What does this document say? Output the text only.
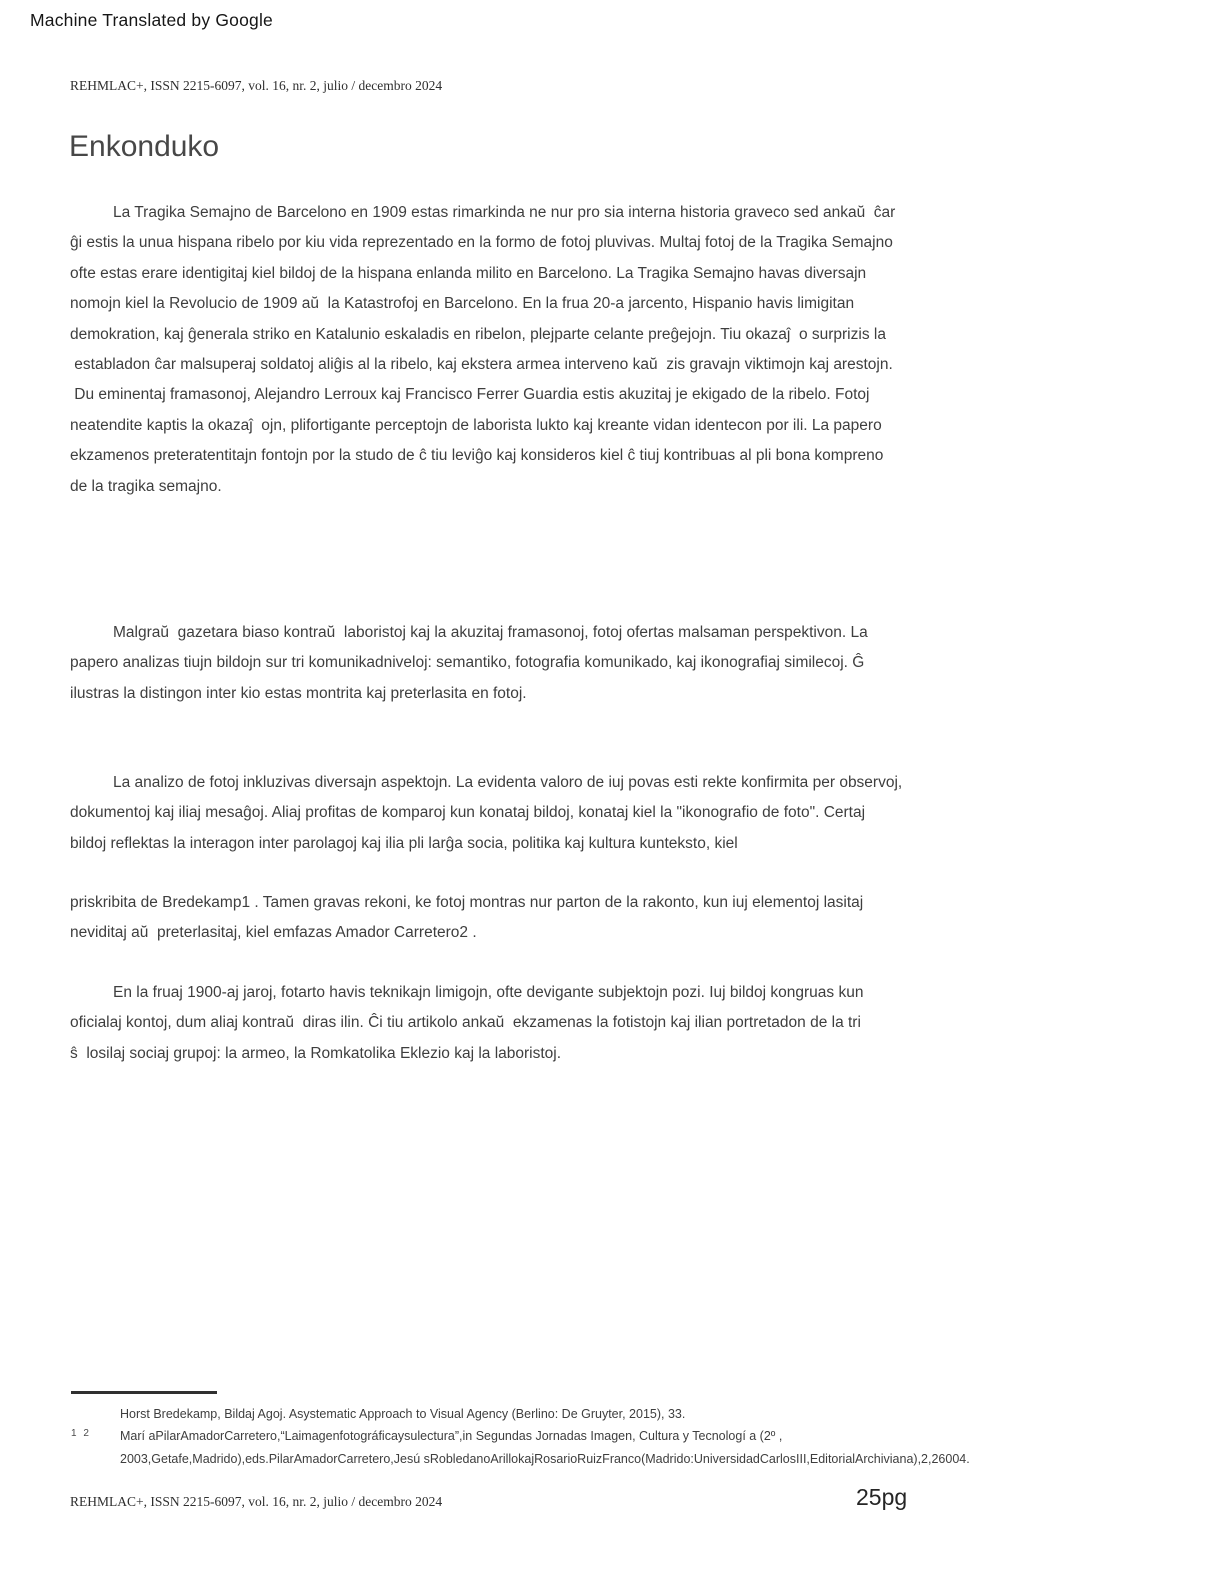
Machine Translated by Google
REHMLAC+, ISSN 2215-6097, vol. 16, nr. 2, julio / decembro 2024
Enkonduko
La Tragika Semajno de Barcelono en 1909 estas rimarkinda ne nur pro sia interna historia graveco sed ankaŭ  ĉar
ĝi estis la unua hispana ribelo por kiu vida reprezentado en la formo de fotoj pluvivas. Multaj fotoj de la Tragika Semajno
ofte estas erare identigitaj kiel bildoj de la hispana enlanda milito en Barcelono. La Tragika Semajno havas diversajn
nomojn kiel la Revolucio de 1909 aŭ  la Katastrofoj en Barcelono. En la frua 20-a jarcento, Hispanio havis limigitan
demokration, kaj ĝenerala striko en Katalunio eskaladis en ribelon, plejparte celante preĝejojn. Tiu okazaĵ  o surprizis la
establadon ĉar malsuperaj soldatoj aliĝis al la ribelo, kaj ekstera armea interveno kaŭ  zis gravajn viktimojn kaj arestojn.
Du eminentaj framasonoj, Alejandro Lerroux kaj Francisco Ferrer Guardia estis akuzitaj je ekigado de la ribelo. Fotoj
neatendite kaptis la okazaĵ  ojn, plifortigante perceptojn de laborista lukto kaj kreante vidan identecon por ili. La papero
ekzamenos preteratentitajn fontojn por la studo de ĉ tiu leviĝo kaj konsideros kiel ĉ tiuj kontribuas al pli bona kompreno
de la tragika semajno.
Malgraŭ  gazetara biaso kontraŭ  laboristoj kaj la akuzitaj framasonoj, fotoj ofertas malsaman perspektivon. La
papero analizas tiujn bildojn sur tri komunikadniveloj: semantiko, fotografia komunikado, kaj ikonografiaj similecoj. Ĝ
ilustras la distingon inter kio estas montrita kaj preterlasita en fotoj.
La analizo de fotoj inkluzivas diversajn aspektojn. La evidenta valoro de iuj povas esti rekte konfirmita per observoj,
dokumentoj kaj iliaj mesaĝoj. Aliaj profitas de komparoj kun konataj bildoj, konataj kiel la "ikonografio de foto". Certaj
bildoj reflektas la interagon inter parolagoj kaj ilia pli larĝa socia, politika kaj kultura kunteksto, kiel
priskribita de Bredekamp1 . Tamen gravas rekoni, ke fotoj montras nur parton de la rakonto, kun iuj elementoj lasitaj
neviditaj aŭ  preterlasitaj, kiel emfazas Amador Carretero2 .
En la fruaj 1900-aj jaroj, fotarto havis teknikajn limigojn, ofte devigante subjektojn pozi. Iuj bildoj kongruas kun
oficialaj kontoj, dum aliaj kontraŭ  diras ilin. Ĉi tiu artikolo ankaŭ  ekzamenas la fotistojn kaj ilian portretadon de la tri
ŝ  losilaj sociaj grupoj: la armeo, la Romkatolika Eklezio kaj la laboristoj.
1 2
Horst Bredekamp, Bildaj Agoj. Asystematic Approach to Visual Agency (Berlino: De Gruyter, 2015), 33.
Marí aPilarAmadorCarretero,“Laimagenfotográficaysulectura”,in Segundas Jornadas Imagen, Cultura y Tecnologí a (2º ,
2003,Getafe,Madrido),eds.PilarAmadorCarretero,Jesú sRobledanoArillokajRosarioRuizFranco(Madrido:UniversidadCarlosIII,EditorialArchiviana),2,26004.
REHMLAC+, ISSN 2215-6097, vol. 16, nr. 2, julio / decembro 2024	25pg
